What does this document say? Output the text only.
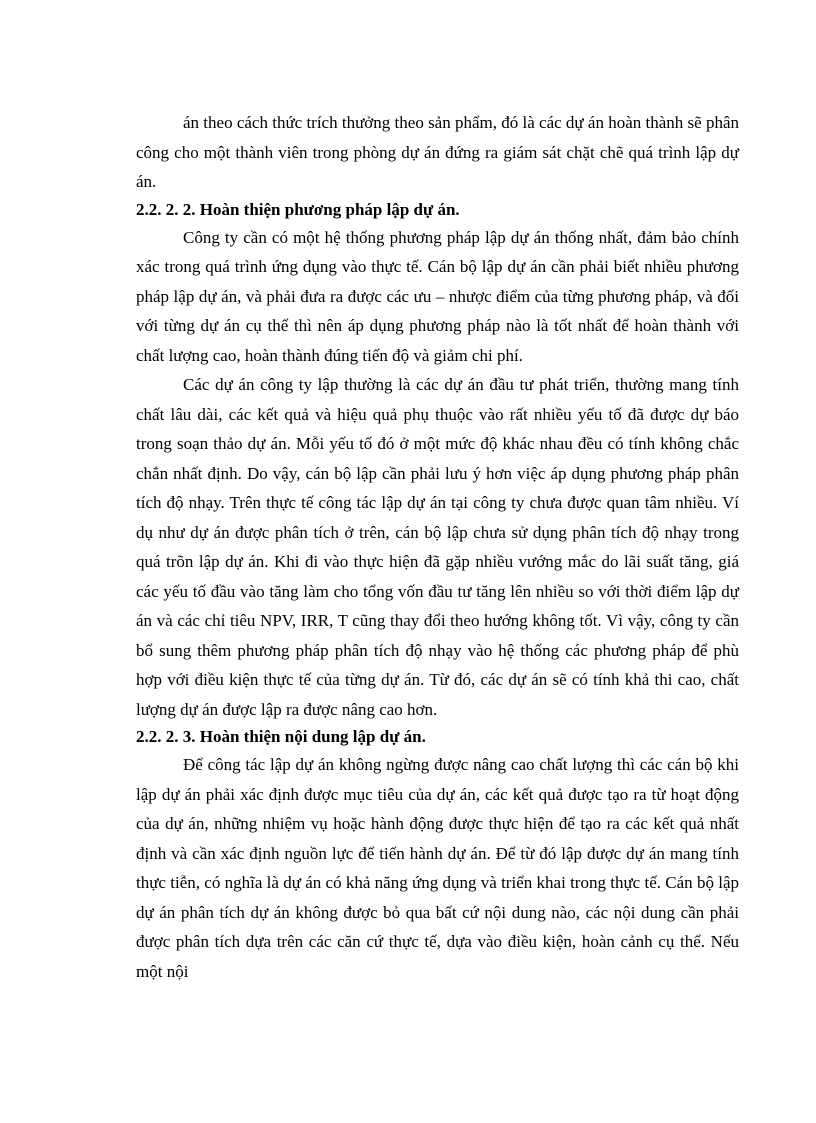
án theo cách thức trích thưởng theo sản phẩm, đó là các dự án hoàn thành sẽ phân công cho một thành viên trong phòng dự án đứng ra giám sát chặt chẽ quá trình lập dự án.

2.2. 2. 2. Hoàn thiện phương pháp lập dự án.

Công ty cần có một hệ thống phương pháp lập dự án thống nhất, đảm bảo chính xác trong quá trình ứng dụng vào thực tế. Cán bộ lập dự án cần phải biết nhiều phương pháp lập dự án, và phải đưa ra được các ưu – nhược điểm của từng phương pháp, và đối với từng dự án cụ thể thì nên áp dụng phương pháp nào là tốt nhất để hoàn thành với chất lượng cao, hoàn thành đúng tiến độ và giảm chi phí.

Các dự án công ty lập thường là các dự án đầu tư phát triển, thường mang tính chất lâu dài, các kết quả và hiệu quả phụ thuộc vào rất nhiều yếu tố đã được dự báo trong soạn thảo dự án. Mỗi yếu tố đó ở một mức độ khác nhau đều có tính không chắc chắn nhất định. Do vậy, cán bộ lập cần phải lưu ý hơn việc áp dụng phương pháp phân tích độ nhạy. Trên thực tế công tác lập dự án tại công ty chưa được quan tâm nhiều. Ví dụ như dự án được phân tích ở trên, cán bộ lập chưa sử dụng phân tích độ nhạy trong quá trõn lập dự án. Khi đi vào thực hiện đã gặp nhiều vướng mắc do lãi suất tăng, giá các yếu tố đầu vào tăng làm cho tổng vốn đầu tư tăng lên nhiều so với thời điểm lập dự án và các chỉ tiêu NPV, IRR, T cũng thay đổi theo hướng không tốt. Vì vậy, công ty cần bổ sung thêm phương pháp phân tích độ nhạy vào hệ thống các phương pháp để phù hợp với điều kiện thực tế của từng dự án. Từ đó, các dự án sẽ có tính khả thi cao, chất lượng dự án được lập ra được nâng cao hơn.

2.2. 2. 3. Hoàn thiện nội dung lập dự án.

Để công tác lập dự án không ngừng được nâng cao chất lượng thì các cán bộ khi lập dự án phải xác định được mục tiêu của dự án, các kết quả được tạo ra từ hoạt động của dự án, những nhiệm vụ hoặc hành động được thực hiện để tạo ra các kết quả nhất định và cần xác định nguồn lực để tiến hành dự án. Để từ đó lập được dự án mang tính thực tiễn, có nghĩa là dự án có khả năng ứng dụng và triển khai trong thực tế. Cán bộ lập dự án phân tích dự án không được bỏ qua bất cứ nội dung nào, các nội dung cần phải được phân tích dựa trên các căn cứ thực tế, dựa vào điều kiện, hoàn cảnh cụ thể. Nếu một nội
